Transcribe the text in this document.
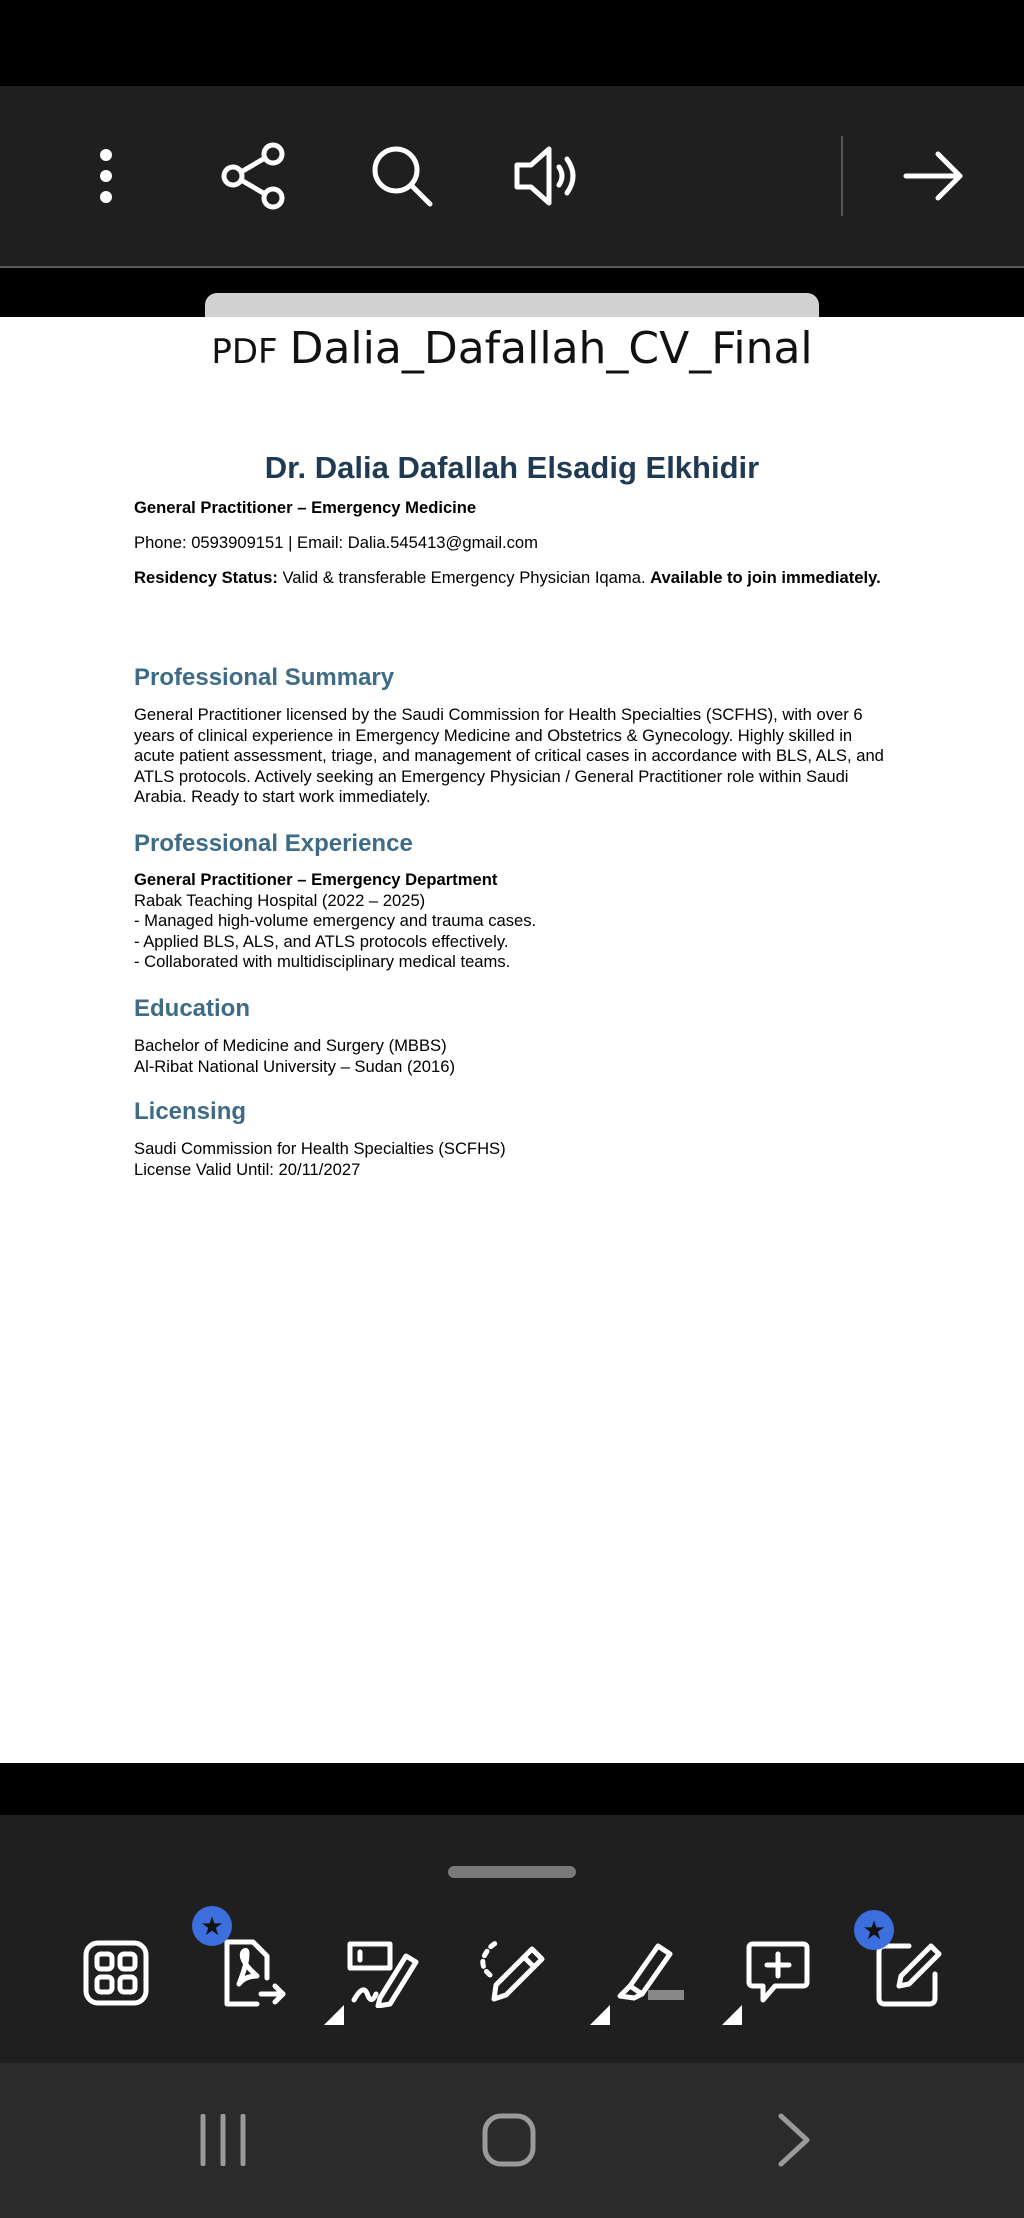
PDF Dalia_Dafallah_CV_Final
Dr. Dalia Dafallah Elsadig Elkhidir
General Practitioner – Emergency Medicine
Phone: 0593909151 | Email: Dalia.545413@gmail.com
Residency Status: Valid & transferable Emergency Physician Iqama. Available to join immediately.
Professional Summary
General Practitioner licensed by the Saudi Commission for Health Specialties (SCFHS), with over 6 years of clinical experience in Emergency Medicine and Obstetrics & Gynecology. Highly skilled in acute patient assessment, triage, and management of critical cases in accordance with BLS, ALS, and ATLS protocols. Actively seeking an Emergency Physician / General Practitioner role within Saudi Arabia. Ready to start work immediately.
Professional Experience
General Practitioner – Emergency Department
Rabak Teaching Hospital (2022 – 2025)
- Managed high-volume emergency and trauma cases.
- Applied BLS, ALS, and ATLS protocols effectively.
- Collaborated with multidisciplinary medical teams.
Education
Bachelor of Medicine and Surgery (MBBS)
Al-Ribat National University – Sudan (2016)
Licensing
Saudi Commission for Health Specialties (SCFHS)
License Valid Until: 20/11/2027
★	★
